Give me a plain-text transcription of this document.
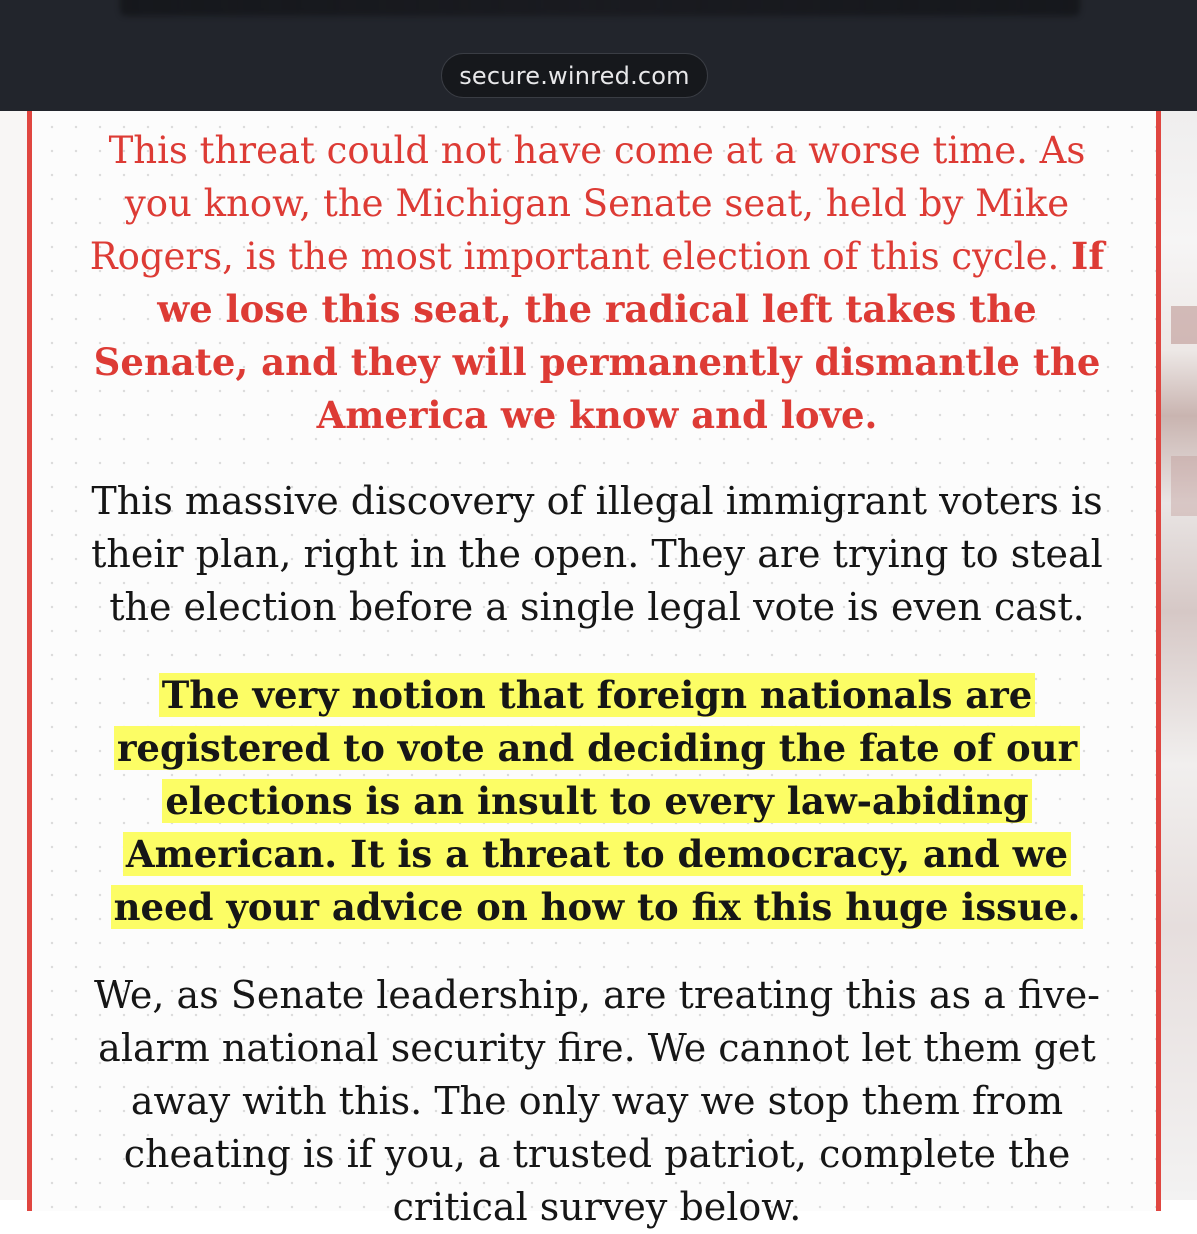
secure.winred.com

This threat could not have come at a worse time. As you know, the Michigan Senate seat, held by Mike Rogers, is the most important election of this cycle. If we lose this seat, the radical left takes the Senate, and they will permanently dismantle the America we know and love.

This massive discovery of illegal immigrant voters is their plan, right in the open. They are trying to steal the election before a single legal vote is even cast.

The very notion that foreign nationals are registered to vote and deciding the fate of our elections is an insult to every law-abiding American. It is a threat to democracy, and we need your advice on how to fix this huge issue.

We, as Senate leadership, are treating this as a five-alarm national security fire. We cannot let them get away with this. The only way we stop them from cheating is if you, a trusted patriot, complete the critical survey below.
